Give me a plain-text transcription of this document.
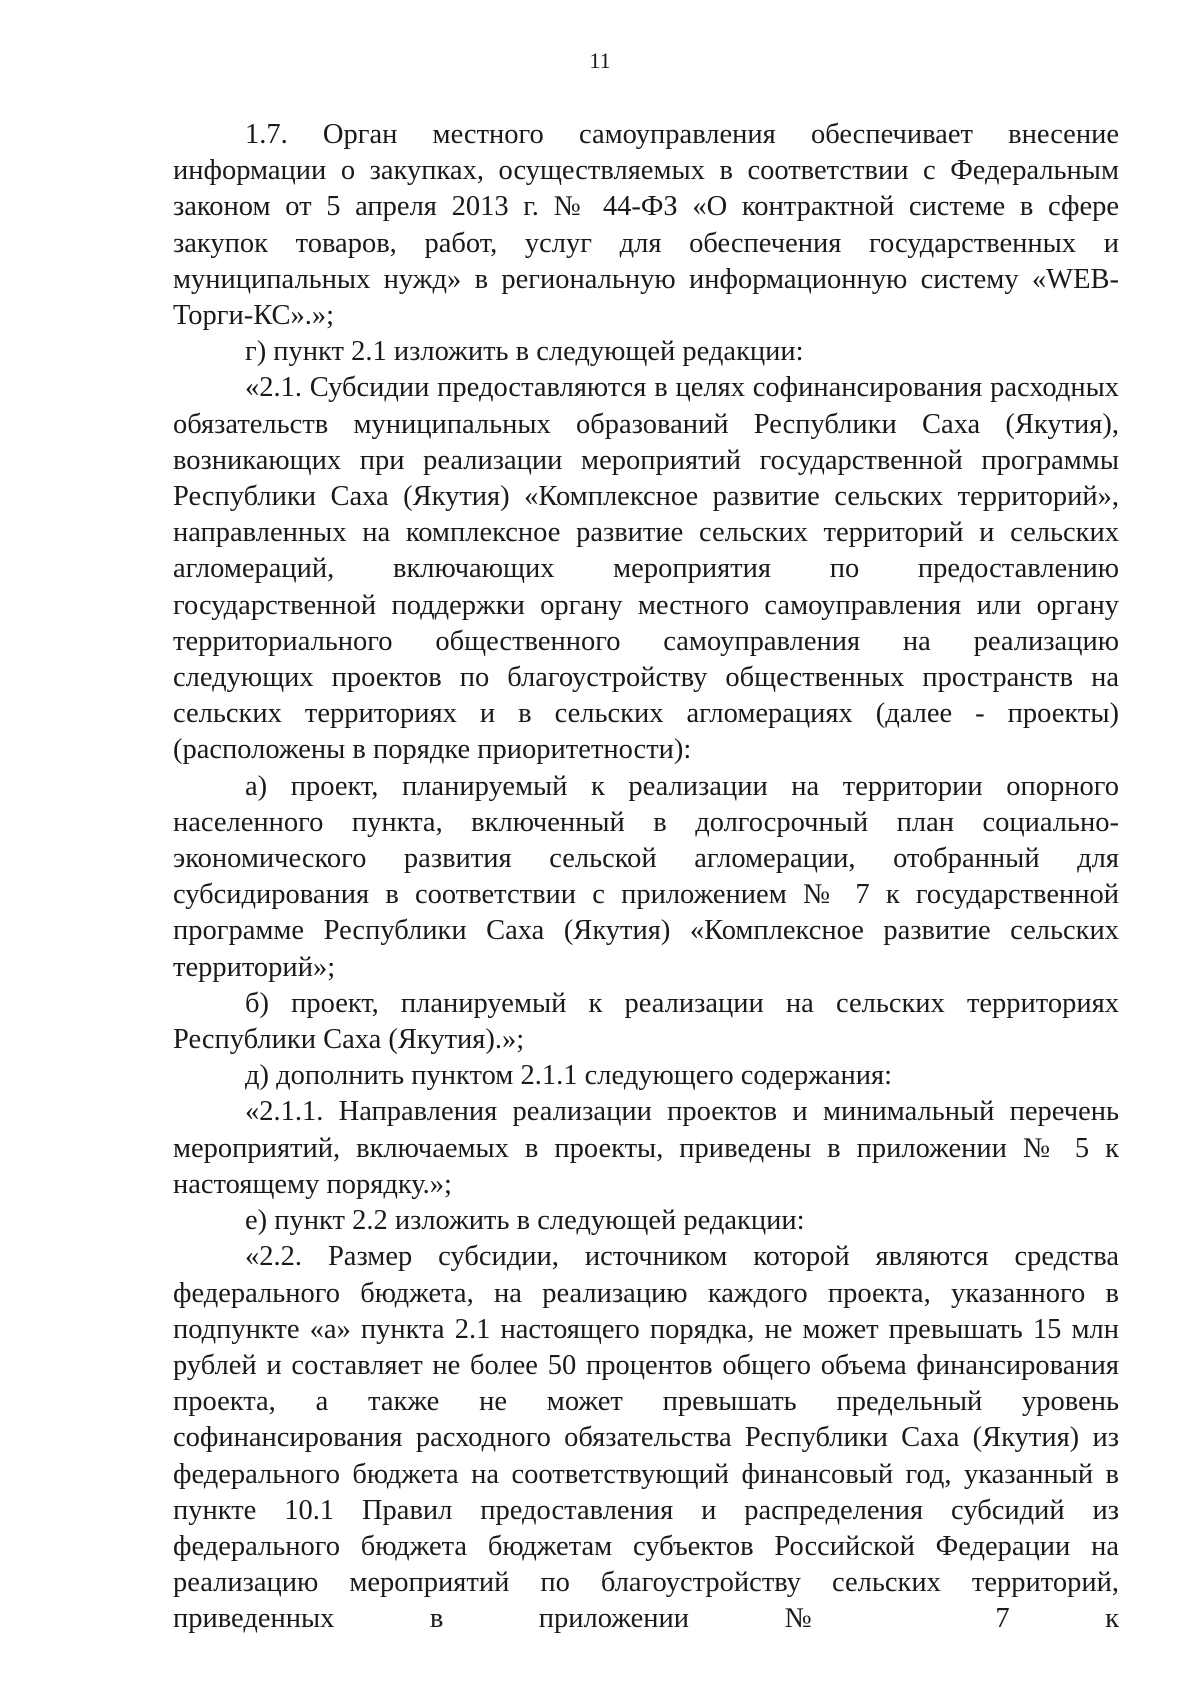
11

1.7. Орган местного самоуправления обеспечивает внесение информации о закупках, осуществляемых в соответствии с Федеральным законом от 5 апреля 2013 г. № 44-ФЗ «О контрактной системе в сфере закупок товаров, работ, услуг для обеспечения государственных и муниципальных нужд» в региональную информационную систему «WEB-Торги-КС».»;

г) пункт 2.1 изложить в следующей редакции:

«2.1. Субсидии предоставляются в целях софинансирования расходных обязательств муниципальных образований Республики Саха (Якутия), возникающих при реализации мероприятий государственной программы Республики Саха (Якутия) «Комплексное развитие сельских территорий», направленных на комплексное развитие сельских территорий и сельских агломераций, включающих мероприятия по предоставлению государственной поддержки органу местного самоуправления или органу территориального общественного самоуправления на реализацию следующих проектов по благоустройству общественных пространств на сельских территориях и в сельских агломерациях (далее - проекты) (расположены в порядке приоритетности):

а) проект, планируемый к реализации на территории опорного населенного пункта, включенный в долгосрочный план социально-экономического развития сельской агломерации, отобранный для субсидирования в соответствии с приложением № 7 к государственной программе Республики Саха (Якутия) «Комплексное развитие сельских территорий»;

б) проект, планируемый к реализации на сельских территориях Республики Саха (Якутия).»;

д) дополнить пунктом 2.1.1 следующего содержания:

«2.1.1. Направления реализации проектов и минимальный перечень мероприятий, включаемых в проекты, приведены в приложении № 5 к настоящему порядку.»;

е) пункт 2.2 изложить в следующей редакции:

«2.2. Размер субсидии, источником которой являются средства федерального бюджета, на реализацию каждого проекта, указанного в подпункте «а» пункта 2.1 настоящего порядка, не может превышать 15 млн рублей и составляет не более 50 процентов общего объема финансирования проекта, а также не может превышать предельный уровень софинансирования расходного обязательства Республики Саха (Якутия) из федерального бюджета на соответствующий финансовый год, указанный в пункте 10.1 Правил предоставления и распределения субсидий из федерального бюджета бюджетам субъектов Российской Федерации на реализацию мероприятий по благоустройству сельских территорий, приведенных в приложении № 7 к
